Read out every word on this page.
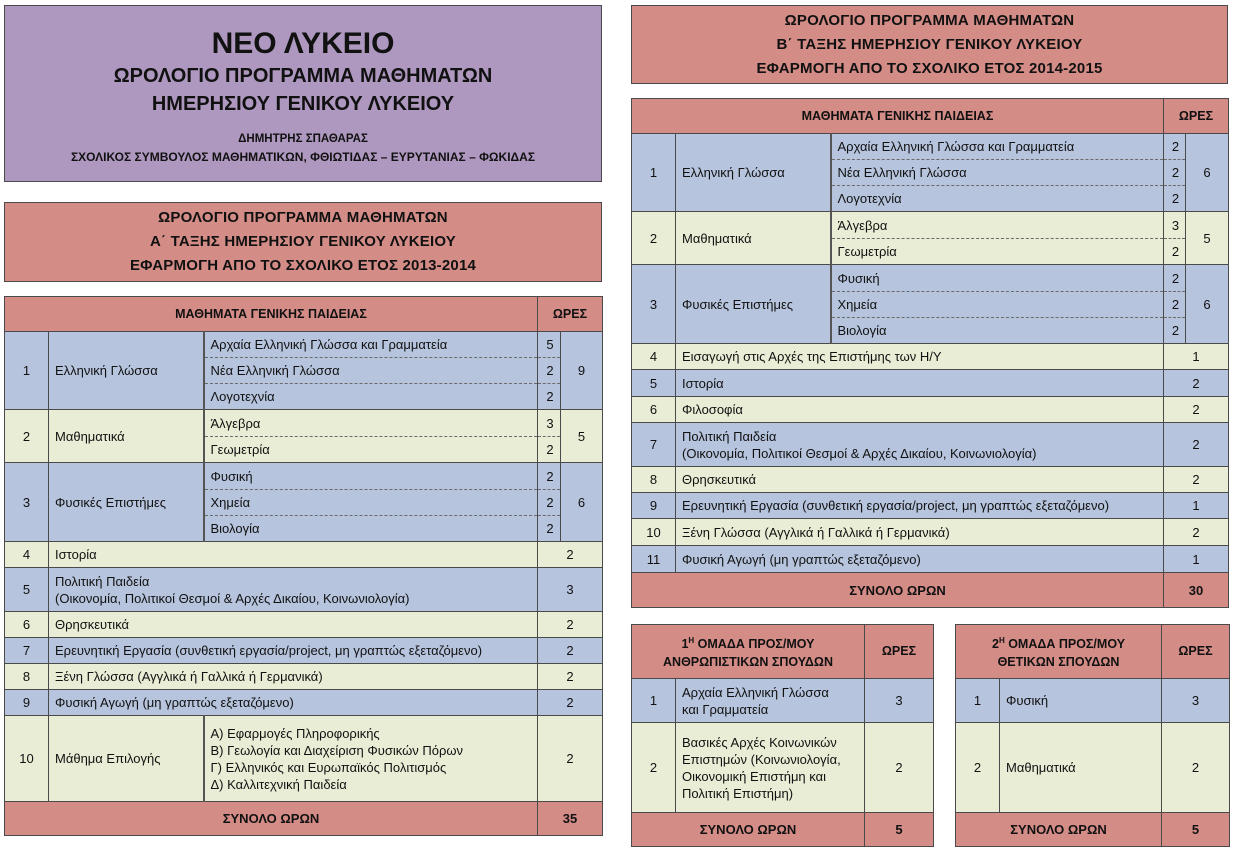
ΝΕΟ ΛΥΚΕΙΟ
ΩΡΟΛΟΓΙΟ ΠΡΟΓΡΑΜΜΑ ΜΑΘΗΜΑΤΩΝ
ΗΜΕΡΗΣΙΟΥ ΓΕΝΙΚΟΥ ΛΥΚΕΙΟΥ
ΔΗΜΗΤΡΗΣ ΣΠΑΘΑΡΑΣ
ΣΧΟΛΙΚΟΣ ΣΥΜΒΟΥΛΟΣ ΜΑΘΗΜΑΤΙΚΩΝ, ΦΘΙΩΤΙΔΑΣ – ΕΥΡΥΤΑΝΙΑΣ – ΦΩΚΙΔΑΣ
ΩΡΟΛΟΓΙΟ ΠΡΟΓΡΑΜΜΑ ΜΑΘΗΜΑΤΩΝ
Α΄ ΤΑΞΗΣ ΗΜΕΡΗΣΙΟΥ ΓΕΝΙΚΟΥ ΛΥΚΕΙΟΥ
ΕΦΑΡΜΟΓΗ ΑΠΟ ΤΟ ΣΧΟΛΙΚΟ ΕΤΟΣ 2013-2014
ΜΑΘΗΜΑΤΑ ΓΕΝΙΚΗΣ ΠΑΙΔΕΙΑΣ			ΩΡΕΣ	
1	Ελληνική Γλώσσα	Αρχαία Ελληνική Γλώσσα και Γραμματεία	5	9
		Νέα Ελληνική Γλώσσα	2	
		Λογοτεχνία	2	
2	Μαθηματικά	Άλγεβρα	3	5
		Γεωμετρία	2	
3	Φυσικές Επιστήμες	Φυσική	2	6
		Χημεία	2	
		Βιολογία	2	
4	Ιστορία		2	
5	Πολιτική Παιδεία
(Οικονομία, Πολιτικοί Θεσμοί & Αρχές Δικαίου, Κοινωνιολογία)		3	
6	Θρησκευτικά		2	
7	Ερευνητική Εργασία (συνθετική εργασία/project, μη γραπτώς εξεταζόμενο)		2	
8	Ξένη Γλώσσα (Αγγλικά ή Γαλλικά ή Γερμανικά)		2	
9	Φυσική Αγωγή (μη γραπτώς εξεταζόμενο)		2	
10	Μάθημα Επιλογής	Α) Εφαρμογές Πληροφορικής
Β) Γεωλογία και Διαχείριση Φυσικών Πόρων
Γ) Ελληνικός και Ευρωπαϊκός Πολιτισμός
Δ) Καλλιτεχνική Παιδεία	2	
ΣΥΝΟΛΟ ΩΡΩΝ			35	
ΩΡΟΛΟΓΙΟ ΠΡΟΓΡΑΜΜΑ ΜΑΘΗΜΑΤΩΝ
Β΄ ΤΑΞΗΣ ΗΜΕΡΗΣΙΟΥ ΓΕΝΙΚΟΥ ΛΥΚΕΙΟΥ
ΕΦΑΡΜΟΓΗ ΑΠΟ ΤΟ ΣΧΟΛΙΚΟ ΕΤΟΣ 2014-2015
ΜΑΘΗΜΑΤΑ ΓΕΝΙΚΗΣ ΠΑΙΔΕΙΑΣ			ΩΡΕΣ	
1	Ελληνική Γλώσσα	Αρχαία Ελληνική Γλώσσα και Γραμματεία	2	6
		Νέα Ελληνική Γλώσσα	2	
		Λογοτεχνία	2	
2	Μαθηματικά	Άλγεβρα	3	5
		Γεωμετρία	2	
3	Φυσικές Επιστήμες	Φυσική	2	6
		Χημεία	2	
		Βιολογία	2	
4	Εισαγωγή στις Αρχές της Επιστήμης των Η/Υ		1	
5	Ιστορία		2	
6	Φιλοσοφία		2	
7	Πολιτική Παιδεία
(Οικονομία, Πολιτικοί Θεσμοί & Αρχές Δικαίου, Κοινωνιολογία)		2	
8	Θρησκευτικά		2	
9	Ερευνητική Εργασία (συνθετική εργασία/project, μη γραπτώς εξεταζόμενο)		1	
10	Ξένη Γλώσσα (Αγγλικά ή Γαλλικά ή Γερμανικά)		2	
11	Φυσική Αγωγή (μη γραπτώς εξεταζόμενο)		1	
ΣΥΝΟΛΟ ΩΡΩΝ			30	
$1^H$ ΟΜΑΔΑ ΠΡΟΣ/ΜΟΥ
ΑΝΘΡΩΠΙΣΤΙΚΩΝ ΣΠΟΥΔΩΝ		ΩΡΕΣ
1	Αρχαία Ελληνική Γλώσσα
και Γραμματεία	3
2	Βασικές Αρχές Κοινωνικών
Επιστημών (Κοινωνιολογία,
Οικονομική Επιστήμη και
Πολιτική Επιστήμη)	2
ΣΥΝΟΛΟ ΩΡΩΝ		5
$2^H$ ΟΜΑΔΑ ΠΡΟΣ/ΜΟΥ
ΘΕΤΙΚΩΝ ΣΠΟΥΔΩΝ		ΩΡΕΣ
1	Φυσική	3
2	Μαθηματικά	2
ΣΥΝΟΛΟ ΩΡΩΝ		5
